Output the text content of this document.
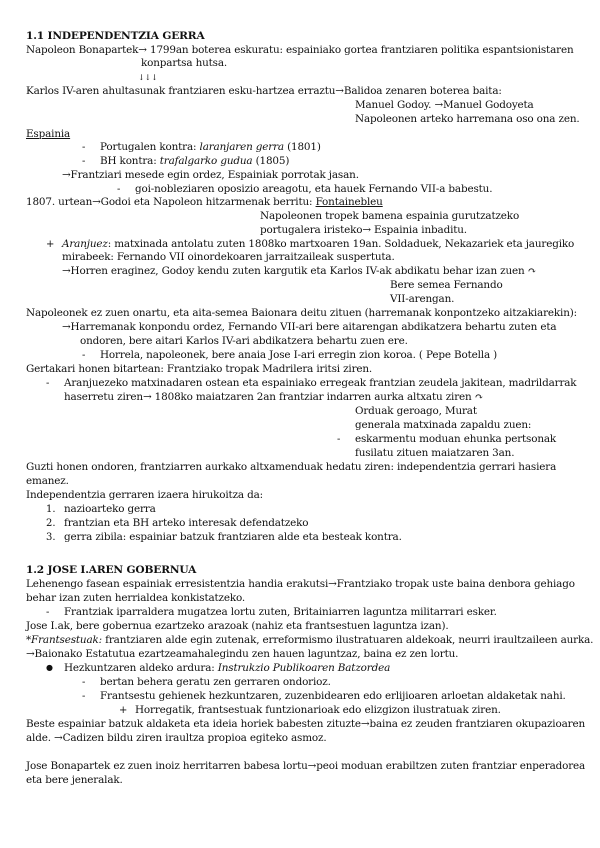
1.1 INDEPENDENTZIA GERRA
Napoleon Bonapartek→ 1799an boterea eskuratu: espainiako gortea frantziaren politika espantsionistaren
konpartsa hutsa.
↓↓↓
Karlos IV-aren ahultasunak frantziaren esku-hartzea erraztu→Balidoa zenaren boterea baita:
Manuel Godoy. →Manuel Godoyeta
Napoleonen arteko harremana oso ona zen.
Espainia
- Portugalen kontra: laranjaren gerra (1801)
- BH kontra: trafalgarko gudua (1805)
→Frantziari mesede egin ordez, Espainiak porrotak jasan.
- goi-nobleziaren oposizio areagotu, eta hauek Fernando VII-a babestu.
1807. urtean→Godoi eta Napoleon hitzarmenak berritu: Fontainebleu
Napoleonen tropek bamena espainia gurutzatzeko
portugalera iristeko→ Espainia inbaditu.
+ Aranjuez: matxinada antolatu zuten 1808ko martxoaren 19an. Soldaduek, Nekazariek eta jauregiko
mirabeek: Fernando VII oinordekoaren jarraitzaileak suspertuta.
→Horren eraginez, Godoy kendu zuten kargutik eta Karlos IV-ak abdikatu behar izan zuen ↷
Bere semea Fernando
VII-arengan.
Napoleonek ez zuen onartu, eta aita-semea Baionara deitu zituen (harremanak konpontzeko aitzakiarekin):
→Harremanak konpondu ordez, Fernando VII-ari bere aitarengan abdikatzera behartu zuten eta
ondoren, bere aitari Karlos IV-ari abdikatzera behartu zuen ere.
- Horrela, napoleonek, bere anaia Jose I-ari erregin zion koroa. ( Pepe Botella )
Gertakari honen bitartean: Frantziako tropak Madrilera iritsi ziren.
- Aranjuezeko matxinadaren ostean eta espainiako erregeak frantzian zeudela jakitean, madrildarrak
haserretu ziren→ 1808ko maiatzaren 2an frantziar indarren aurka altxatu ziren ↷
Orduak geroago, Murat
generala matxinada zapaldu zuen:
- eskarmentu moduan ehunka pertsonak
fusilatu zituen maiatzaren 3an.
Guzti honen ondoren, frantziarren aurkako altxamenduak hedatu ziren: independentzia gerrari hasiera
emanez.
Independentzia gerraren izaera hirukoitza da:
1. nazioarteko gerra
2. frantzian eta BH arteko interesak defendatzeko
3. gerra zibila: espainiar batzuk frantziaren alde eta besteak kontra.
1.2 JOSE I.AREN GOBERNUA
Lehenengo fasean espainiak erresistentzia handia erakutsi→Frantziako tropak uste baina denbora gehiago
behar izan zuten herrialdea konkistatzeko.
- Frantziak iparraldera mugatzea lortu zuten, Britainiarren laguntza militarrari esker.
Jose I.ak, bere gobernua ezartzeko arazoak (nahiz eta frantsestuen laguntza izan).
*Frantsestuak: frantziaren alde egin zutenak, erreformismo ilustratuaren aldekoak, neurri iraultzaileen aurka.
→Baionako Estatutua ezartzeamahalegindu zen hauen laguntzaz, baina ez zen lortu.
● Hezkuntzaren aldeko ardura: Instrukzio Publikoaren Batzordea
- bertan behera geratu zen gerraren ondorioz.
- Frantsestu gehienek hezkuntzaren, zuzenbidearen edo erlijioaren arloetan aldaketak nahi.
+ Horregatik, frantsestuak funtzionarioak edo elizgizon ilustratuak ziren.
Beste espainiar batzuk aldaketa eta ideia horiek babesten zituzte→baina ez zeuden frantziaren okupazioaren
alde. →Cadizen bildu ziren iraultza propioa egiteko asmoz.
Jose Bonapartek ez zuen inoiz herritarren babesa lortu→peoi moduan erabiltzen zuten frantziar enperadorea
eta bere jeneralak.
